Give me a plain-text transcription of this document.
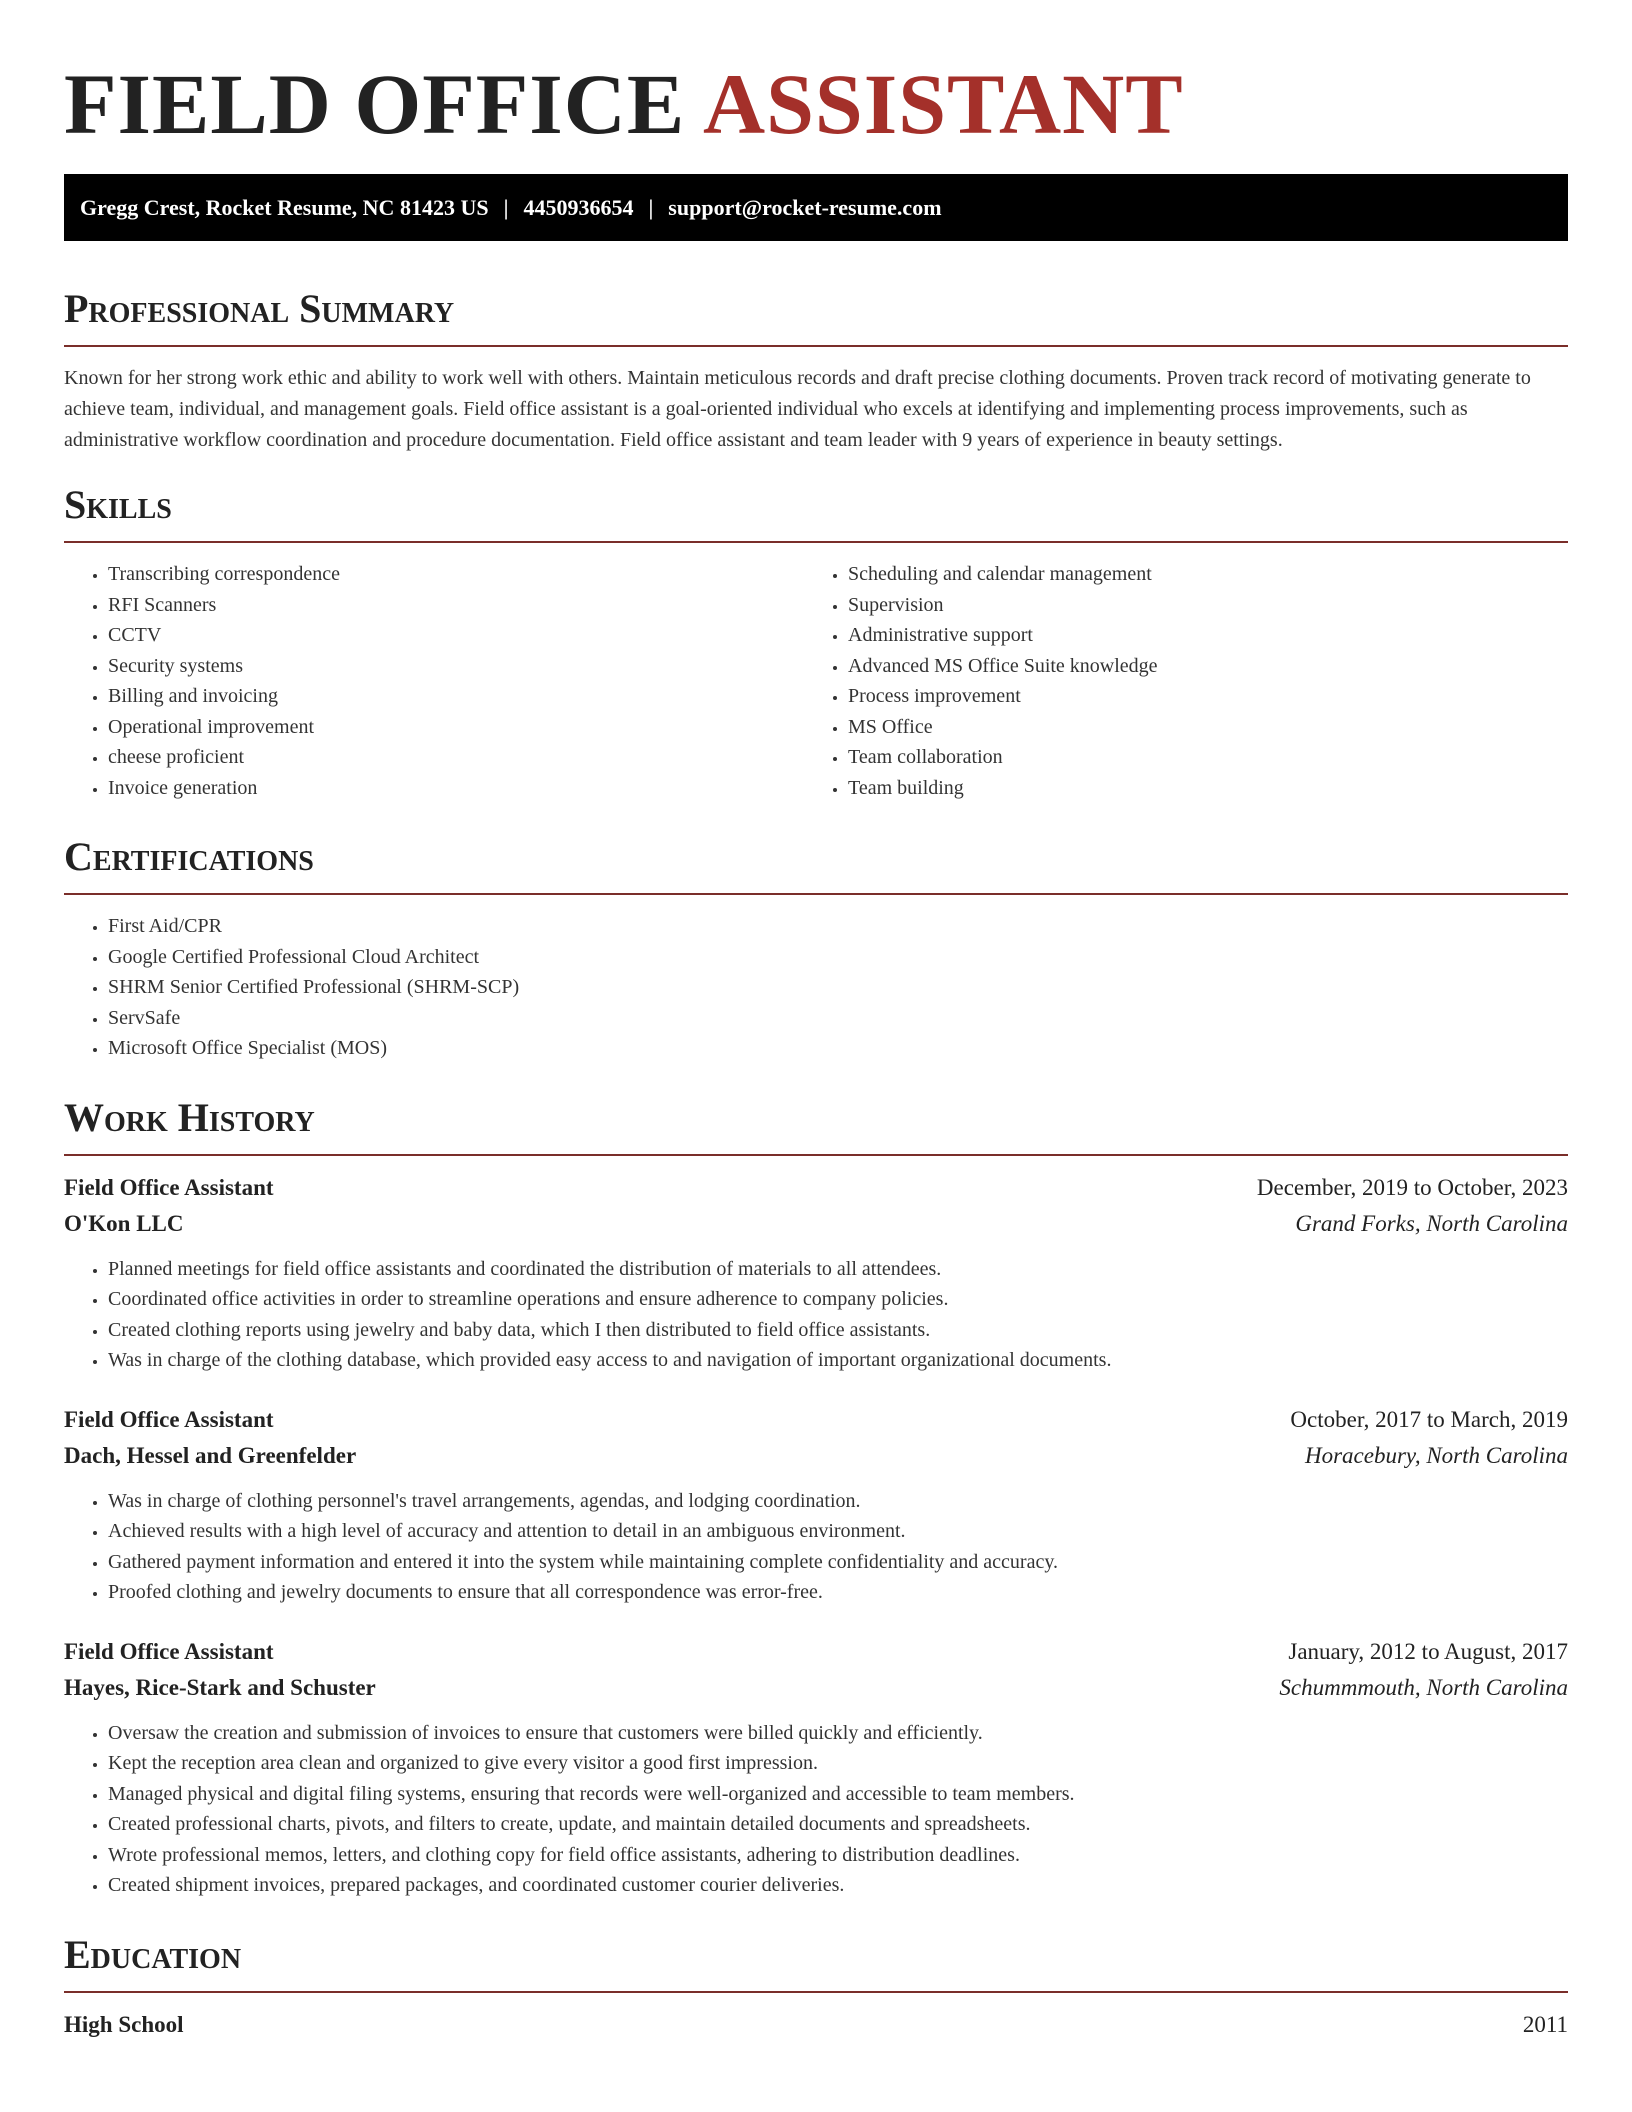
FIELD OFFICE ASSISTANT
Gregg Crest, Rocket Resume, NC 81423 US | 4450936654 | support@rocket-resume.com
Professional Summary

Known for her strong work ethic and ability to work well with others. Maintain meticulous records and draft precise clothing documents. Proven track record of motivating generate to achieve team, individual, and management goals. Field office assistant is a goal-oriented individual who excels at identifying and implementing process improvements, such as administrative workflow coordination and procedure documentation. Field office assistant and team leader with 9 years of experience in beauty settings.

Skills
• Transcribing correspondence
• RFI Scanners
• CCTV
• Security systems
• Billing and invoicing
• Operational improvement
• cheese proficient
• Invoice generation
• Scheduling and calendar management
• Supervision
• Administrative support
• Advanced MS Office Suite knowledge
• Process improvement
• MS Office
• Team collaboration
• Team building
Certifications
• First Aid/CPR
• Google Certified Professional Cloud Architect
• SHRM Senior Certified Professional (SHRM-SCP)
• ServSafe
• Microsoft Office Specialist (MOS)
Work History
Field Office Assistant	December, 2019 to October, 2023
O'Kon LLC	Grand Forks, North Carolina
• Planned meetings for field office assistants and coordinated the distribution of materials to all attendees.
• Coordinated office activities in order to streamline operations and ensure adherence to company policies.
• Created clothing reports using jewelry and baby data, which I then distributed to field office assistants.
• Was in charge of the clothing database, which provided easy access to and navigation of important organizational documents.
Field Office Assistant	October, 2017 to March, 2019
Dach, Hessel and Greenfelder	Horacebury, North Carolina
• Was in charge of clothing personnel's travel arrangements, agendas, and lodging coordination.
• Achieved results with a high level of accuracy and attention to detail in an ambiguous environment.
• Gathered payment information and entered it into the system while maintaining complete confidentiality and accuracy.
• Proofed clothing and jewelry documents to ensure that all correspondence was error-free.
Field Office Assistant	January, 2012 to August, 2017
Hayes, Rice-Stark and Schuster	Schummmouth, North Carolina
• Oversaw the creation and submission of invoices to ensure that customers were billed quickly and efficiently.
• Kept the reception area clean and organized to give every visitor a good first impression.
• Managed physical and digital filing systems, ensuring that records were well-organized and accessible to team members.
• Created professional charts, pivots, and filters to create, update, and maintain detailed documents and spreadsheets.
• Wrote professional memos, letters, and clothing copy for field office assistants, adhering to distribution deadlines.
• Created shipment invoices, prepared packages, and coordinated customer courier deliveries.
Education
High School	2011
